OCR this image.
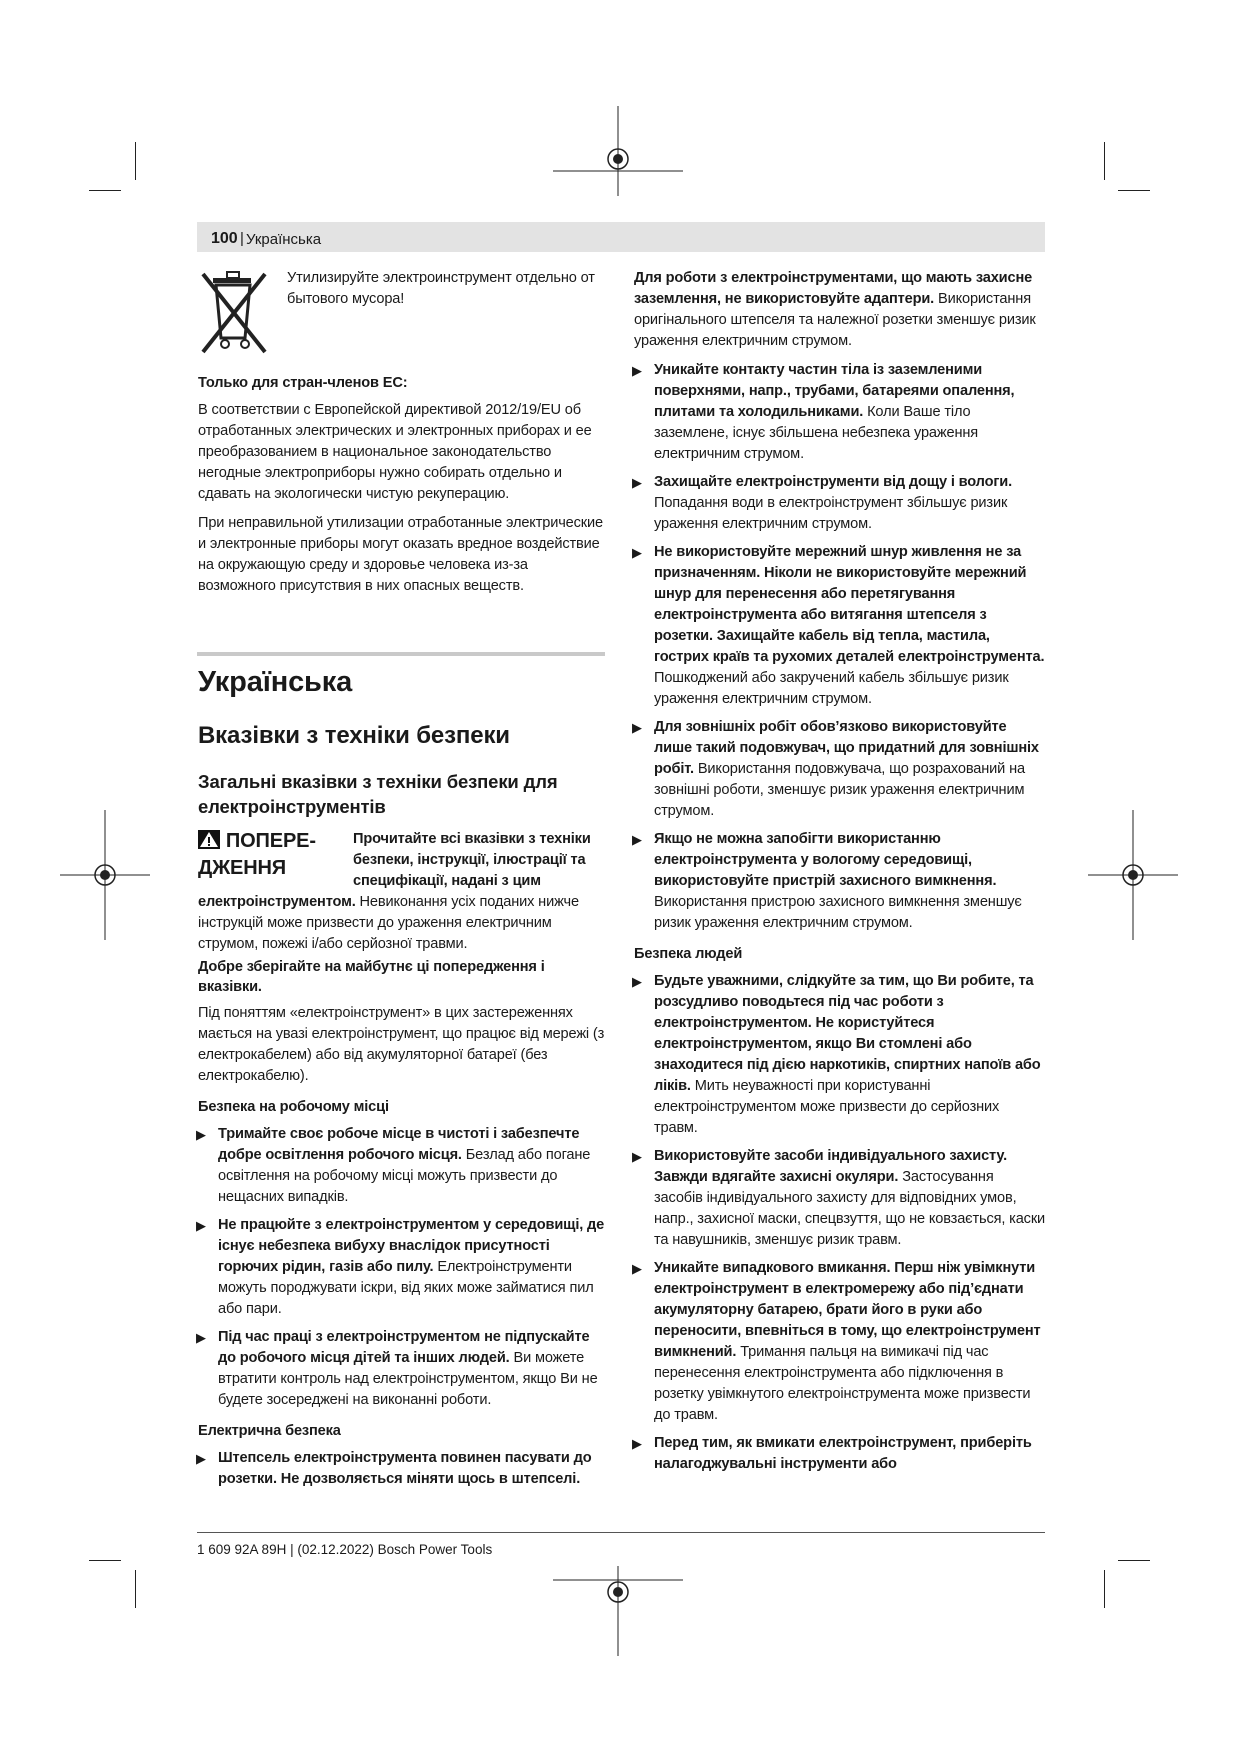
100 | Українська
Утилизируйте электроинструмент отдельно от бытового мусора!

Только для стран-членов ЕС:

В соответствии с Европейской директивой 2012/19/EU об отработанных электрических и электронных приборах и ее преобразованием в национальное законодательство негодные электроприборы нужно собирать отдельно и сдавать на экологически чистую рекуперацию.

При неправильной утилизации отработанные электрические и электронные приборы могут оказать вредное воздействие на окружающую среду и здоровье человека из-за возможного присутствия в них опасных веществ.

Українська

Вказівки з техніки безпеки

Загальні вказівки з техніки безпеки для електроінструментів

ПОПЕРЕ-ДЖЕННЯ

Прочитайте всі вказівки з техніки безпеки, інструкції, ілюстрації та специфікації, надані з цим електроінструментом. Невиконання усіх поданих нижче інструкцій може призвести до ураження електричним струмом, пожежі і/або серйозної травми.

Добре зберігайте на майбутнє ці попередження і вказівки.

Під поняттям «електроінструмент» в цих застереженнях мається на увазі електроінструмент, що працює від мережі (з електрокабелем) або від акумуляторної батареї (без електрокабелю).

Безпека на робочому місці

▶ Тримайте своє робоче місце в чистоті і забезпечте добре освітлення робочого місця. Безлад або погане освітлення на робочому місці можуть призвести до нещасних випадків.
▶ Не працюйте з електроінструментом у середовищі, де існує небезпека вибуху внаслідок присутності горючих рідин, газів або пилу. Електроінструменти можуть породжувати іскри, від яких може займатися пил або пари.
▶ Під час праці з електроінструментом не підпускайте до робочого місця дітей та інших людей. Ви можете втратити контроль над електроінструментом, якщо Ви не будете зосереджені на виконанні роботи.

Електрична безпека

▶ Штепсель електроінструмента повинен пасувати до розетки. Не дозволяється міняти щось в штепселі.

Для роботи з електроінструментами, що мають захисне заземлення, не використовуйте адаптери. Використання оригінального штепселя та належної розетки зменшує ризик ураження електричним струмом.

▶ Уникайте контакту частин тіла із заземленими поверхнями, напр., трубами, батареями опалення, плитами та холодильниками. Коли Ваше тіло заземлене, існує збільшена небезпека ураження електричним струмом.
▶ Захищайте електроінструменти від дощу і вологи. Попадання води в електроінструмент збільшує ризик ураження електричним струмом.
▶ Не використовуйте мережний шнур живлення не за призначенням. Ніколи не використовуйте мережний шнур для перенесення або перетягування електроінструмента або витягання штепселя з розетки. Захищайте кабель від тепла, мастила, гострих країв та рухомих деталей електроінструмента. Пошкоджений або закручений кабель збільшує ризик ураження електричним струмом.
▶ Для зовнішніх робіт обов’язково використовуйте лише такий подовжувач, що придатний для зовнішніх робіт. Використання подовжувача, що розрахований на зовнішні роботи, зменшує ризик ураження електричним струмом.
▶ Якщо не можна запобігти використанню електроінструмента у вологому середовищі, використовуйте пристрій захисного вимкнення. Використання пристрою захисного вимкнення зменшує ризик ураження електричним струмом.

Безпека людей

▶ Будьте уважними, слідкуйте за тим, що Ви робите, та розсудливо поводьтеся під час роботи з електроінструментом. Не користуйтеся електроінструментом, якщо Ви стомлені або знаходитеся під дією наркотиків, спиртних напоїв або ліків. Мить неуважності при користуванні електроінструментом може призвести до серйозних травм.
▶ Використовуйте засоби індивідуального захисту. Завжди вдягайте захисні окуляри. Застосування засобів індивідуального захисту для відповідних умов, напр., захисної маски, спецвзуття, що не ковзається, каски та навушників, зменшує ризик травм.
▶ Уникайте випадкового вмикання. Перш ніж увімкнути електроінструмент в електромережу або під’єднати акумуляторну батарею, брати його в руки або переносити, впевніться в тому, що електроінструмент вимкнений. Тримання пальця на вимикачі під час перенесення електроінструмента або підключення в розетку увімкнутого електроінструмента може призвести до травм.
▶ Перед тим, як вмикати електроінструмент, приберіть налагоджувальні інструменти або
1 609 92A 89H | (02.12.2022) Bosch Power Tools
